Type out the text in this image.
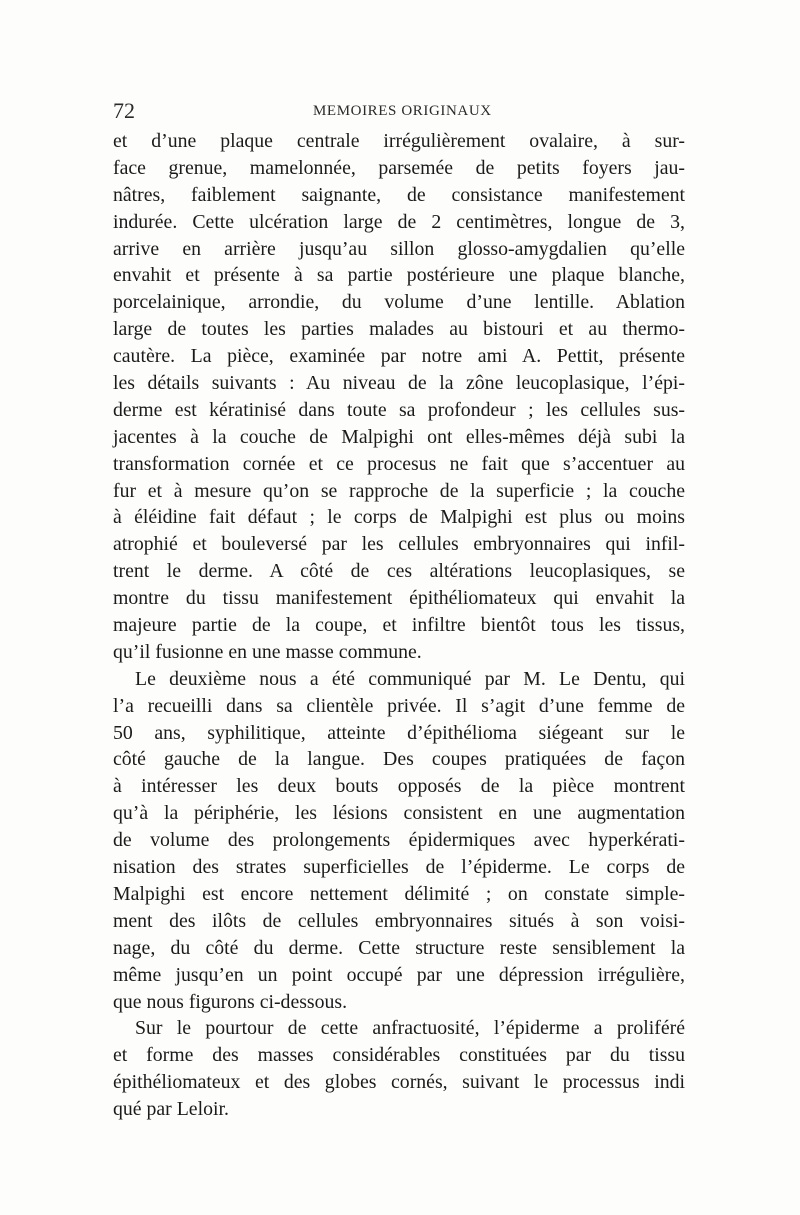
72	MEMOIRES ORIGINAUX
et d’une plaque centrale irrégulièrement ovalaire, à sur-
face grenue, mamelonnée, parsemée de petits foyers jau-
nâtres, faiblement saignante, de consistance manifestement
indurée. Cette ulcération large de 2 centimètres, longue de 3,
arrive en arrière jusqu’au sillon glosso-amygdalien qu’elle
envahit et présente à sa partie postérieure une plaque blanche,
porcelainique, arrondie, du volume d’une lentille. Ablation
large de toutes les parties malades au bistouri et au thermo-
cautère. La pièce, examinée par notre ami A. Pettit, présente
les détails suivants : Au niveau de la zône leucoplasique, l’épi-
derme est kératinisé dans toute sa profondeur ; les cellules sus-
jacentes à la couche de Malpighi ont elles-mêmes déjà subi la
transformation cornée et ce procesus ne fait que s’accentuer au
fur et à mesure qu’on se rapproche de la superficie ; la couche
à éléidine fait défaut ; le corps de Malpighi est plus ou moins
atrophié et bouleversé par les cellules embryonnaires qui infil-
trent le derme. A côté de ces altérations leucoplasiques, se
montre du tissu manifestement épithéliomateux qui envahit la
majeure partie de la coupe, et infiltre bientôt tous les tissus,
qu’il fusionne en une masse commune.
Le deuxième nous a été communiqué par M. Le Dentu, qui
l’a recueilli dans sa clientèle privée. Il s’agit d’une femme de
50 ans, syphilitique, atteinte d’épithélioma siégeant sur le
côté gauche de la langue. Des coupes pratiquées de façon
à intéresser les deux bouts opposés de la pièce montrent
qu’à la périphérie, les lésions consistent en une augmentation
de volume des prolongements épidermiques avec hyperkérati-
nisation des strates superficielles de l’épiderme. Le corps de
Malpighi est encore nettement délimité ; on constate simple-
ment des ilôts de cellules embryonnaires situés à son voisi-
nage, du côté du derme. Cette structure reste sensiblement la
même jusqu’en un point occupé par une dépression irrégulière,
que nous figurons ci-dessous.
Sur le pourtour de cette anfractuosité, l’épiderme a proliféré
et forme des masses considérables constituées par du tissu
épithéliomateux et des globes cornés, suivant le processus indi
qué par Leloir.
